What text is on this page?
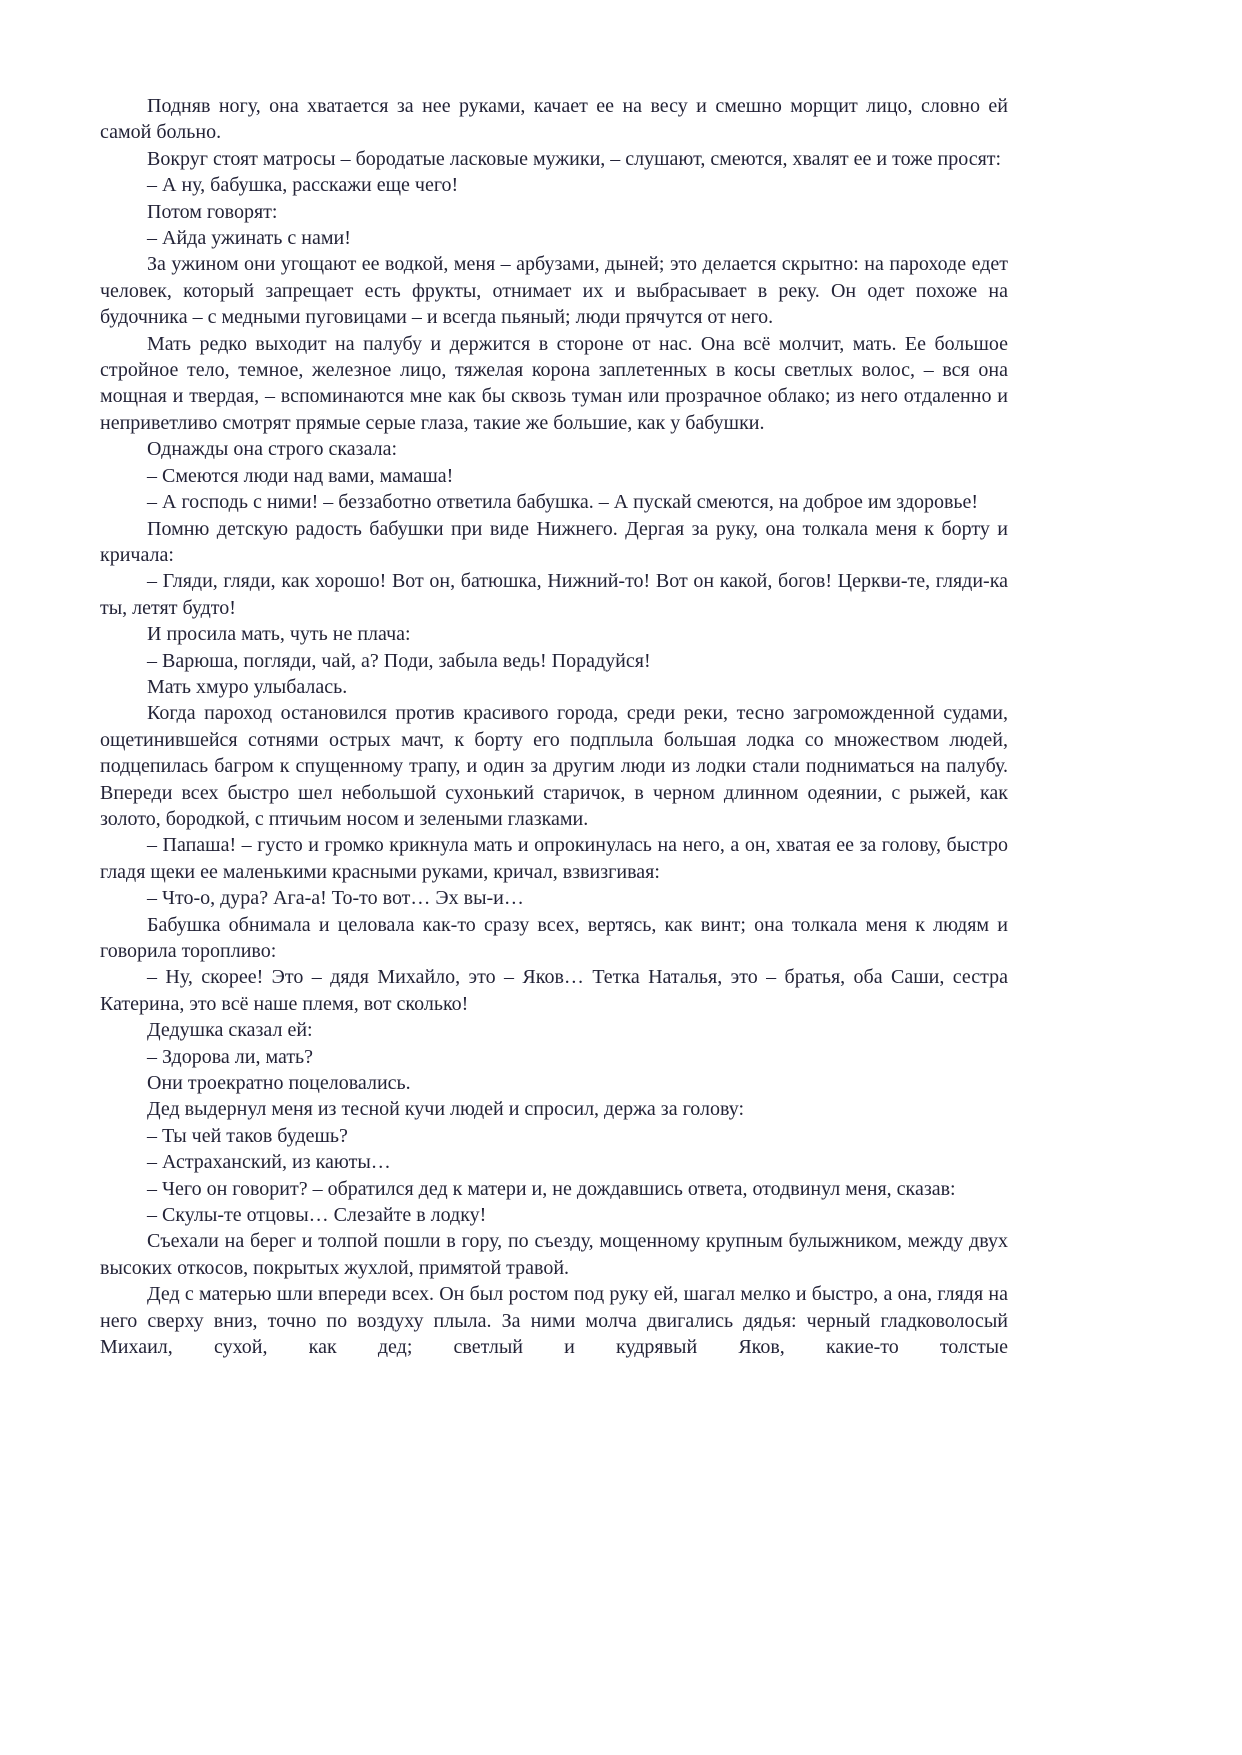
Подняв ногу, она хватается за нее руками, качает ее на весу и смешно морщит лицо, словно ей самой больно.

Вокруг стоят матросы – бородатые ласковые мужики, – слушают, смеются, хвалят ее и тоже просят:

– А ну, бабушка, расскажи еще чего!

Потом говорят:

– Айда ужинать с нами!

За ужином они угощают ее водкой, меня – арбузами, дыней; это делается скрытно: на пароходе едет человек, который запрещает есть фрукты, отнимает их и выбрасывает в реку. Он одет похоже на будочника – с медными пуговицами – и всегда пьяный; люди прячутся от него.

Мать редко выходит на палубу и держится в стороне от нас. Она всё молчит, мать. Ее большое стройное тело, темное, железное лицо, тяжелая корона заплетенных в косы светлых волос, – вся она мощная и твердая, – вспоминаются мне как бы сквозь туман или прозрачное облако; из него отдаленно и неприветливо смотрят прямые серые глаза, такие же большие, как у бабушки.

Однажды она строго сказала:

– Смеются люди над вами, мамаша!

– А господь с ними! – беззаботно ответила бабушка. – А пускай смеются, на доброе им здоровье!

Помню детскую радость бабушки при виде Нижнего. Дергая за руку, она толкала меня к борту и кричала:

– Гляди, гляди, как хорошо! Вот он, батюшка, Нижний-то! Вот он какой, богов! Церкви-те, гляди-ка ты, летят будто!

И просила мать, чуть не плача:

– Варюша, погляди, чай, а? Поди, забыла ведь! Порадуйся!

Мать хмуро улыбалась.

Когда пароход остановился против красивого города, среди реки, тесно загроможденной судами, ощетинившейся сотнями острых мачт, к борту его подплыла большая лодка со множеством людей, подцепилась багром к спущенному трапу, и один за другим люди из лодки стали подниматься на палубу. Впереди всех быстро шел небольшой сухонький старичок, в черном длинном одеянии, с рыжей, как золото, бородкой, с птичьим носом и зелеными глазками.

– Папаша! – густо и громко крикнула мать и опрокинулась на него, а он, хватая ее за голову, быстро гладя щеки ее маленькими красными руками, кричал, взвизгивая:

– Что-о, дура? Ага-а! То-то вот… Эх вы-и…

Бабушка обнимала и целовала как-то сразу всех, вертясь, как винт; она толкала меня к людям и говорила торопливо:

– Ну, скорее! Это – дядя Михайло, это – Яков… Тетка Наталья, это – братья, оба Саши, сестра Катерина, это всё наше племя, вот сколько!

Дедушка сказал ей:

– Здорова ли, мать?

Они троекратно поцеловались.

Дед выдернул меня из тесной кучи людей и спросил, держа за голову:

– Ты чей таков будешь?

– Астраханский, из каюты…

– Чего он говорит? – обратился дед к матери и, не дождавшись ответа, отодвинул меня, сказав:

– Скулы-те отцовы… Слезайте в лодку!

Съехали на берег и толпой пошли в гору, по съезду, мощенному крупным булыжником, между двух высоких откосов, покрытых жухлой, примятой травой.

Дед с матерью шли впереди всех. Он был ростом под руку ей, шагал мелко и быстро, а она, глядя на него сверху вниз, точно по воздуху плыла. За ними молча двигались дядья: черный гладковолосый Михаил, сухой, как дед; светлый и кудрявый Яков, какие-то толстые
